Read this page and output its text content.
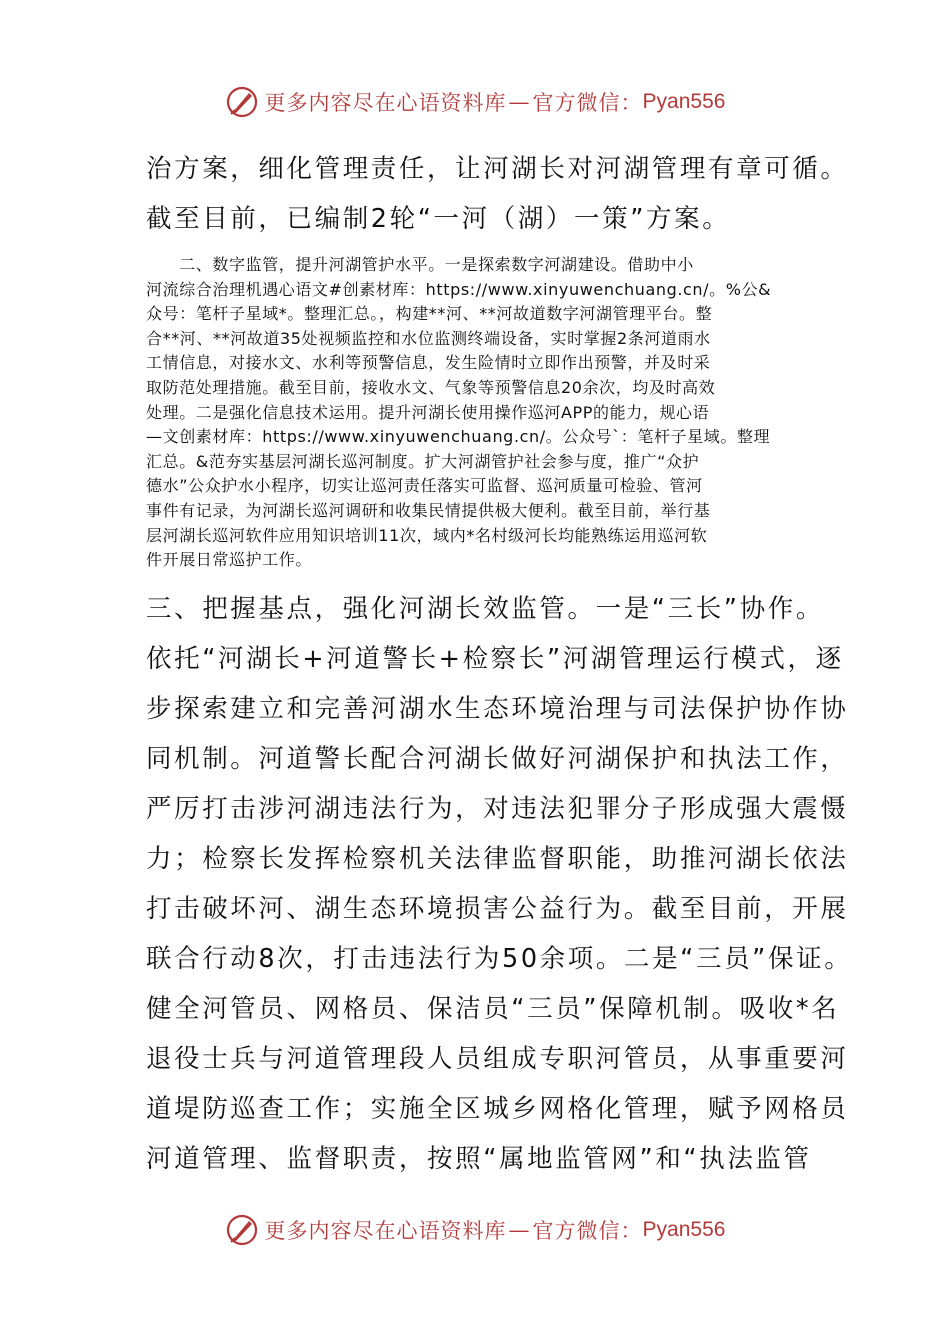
更多内容尽在心语资料库 — 官方微信： Pyan556
治方案，细化管理责任，让河湖长对河湖管理有章可循。
截至目前，已编制2轮“一河（湖）一策”方案。
　　二、数字监管，提升河湖管护水平。一是探索数字河湖建设。借助中小
河流综合治理机遇心语文#创素材库：https://www.xinyuwenchuang.cn/。%公&
众号：笔杆子星域*。整理汇总。，构建**河、**河故道数字河湖管理平台。整
合**河、**河故道35处视频监控和水位监测终端设备，实时掌握2条河道雨水
工情信息，对接水文、水利等预警信息，发生险情时立即作出预警，并及时采
取防范处理措施。截至目前，接收水文、气象等预警信息20余次，均及时高效
处理。二是强化信息技术运用。提升河湖长使用操作巡河APP的能力，规心语
—文创素材库：https://www.xinyuwenchuang.cn/。公众号`：笔杆子星域。整理
汇总。&范夯实基层河湖长巡河制度。扩大河湖管护社会参与度，推广“众护
德水”公众护水小程序，切实让巡河责任落实可监督、巡河质量可检验、管河
事件有记录，为河湖长巡河调研和收集民情提供极大便利。截至目前，举行基
层河湖长巡河软件应用知识培训11次，域内*名村级河长均能熟练运用巡河软
件开展日常巡护工作。
三、把握基点，强化河湖长效监管。一是“三长”协作。
依托“河湖长+河道警长+检察长”河湖管理运行模式，逐
步探索建立和完善河湖水生态环境治理与司法保护协作协
同机制。河道警长配合河湖长做好河湖保护和执法工作，
严厉打击涉河湖违法行为，对违法犯罪分子形成强大震慑
力；检察长发挥检察机关法律监督职能，助推河湖长依法
打击破坏河、湖生态环境损害公益行为。截至目前，开展
联合行动8次，打击违法行为50余项。二是“三员”保证。
健全河管员、网格员、保洁员“三员”保障机制。吸收*名
退役士兵与河道管理段人员组成专职河管员，从事重要河
道堤防巡查工作；实施全区城乡网格化管理，赋予网格员
河道管理、监督职责，按照“属地监管网”和“执法监管
更多内容尽在心语资料库 — 官方微信： Pyan556
